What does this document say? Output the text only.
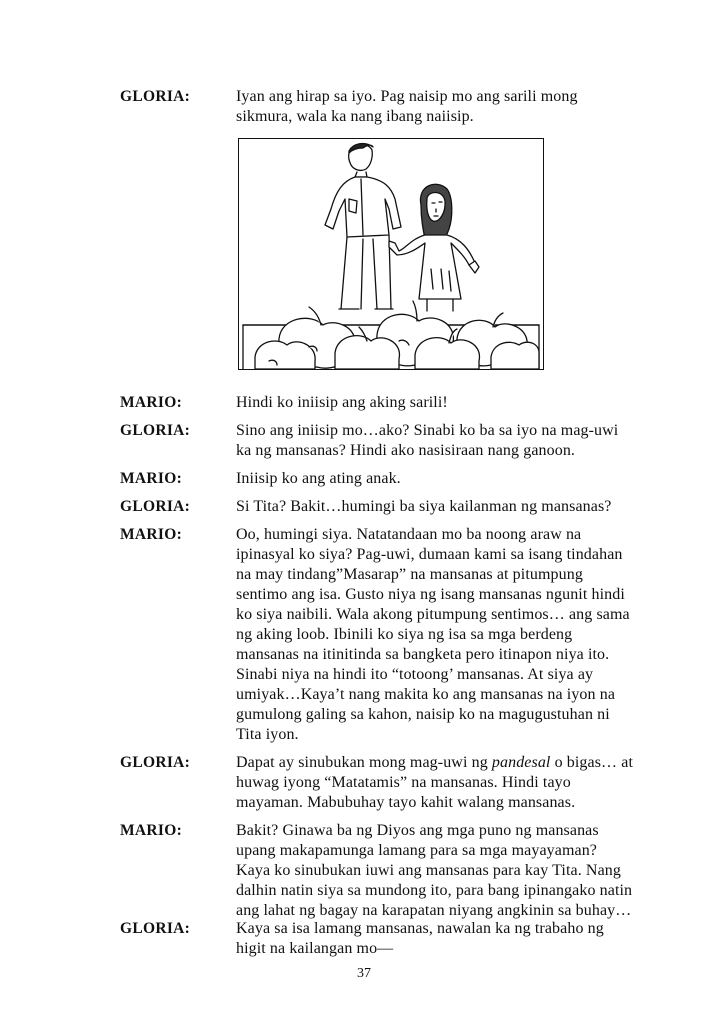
GLORIA:	Iyan ang hirap sa iyo. Pag naisip mo ang sarili mong
sikmura, wala ka nang ibang naiisip.
MARIO:	Hindi ko iniisip ang aking sarili!
GLORIA:	Sino ang iniisip mo…ako? Sinabi ko ba sa iyo na mag-uwi
ka ng mansanas? Hindi ako nasisiraan nang ganoon.
MARIO:	Iniisip ko ang ating anak.
GLORIA:	Si Tita? Bakit…humingi ba siya kailanman ng mansanas?
MARIO:	Oo, humingi siya. Natatandaan mo ba noong araw na
ipinasyal ko siya? Pag-uwi, dumaan kami sa isang tindahan
na may tindang”Masarap” na mansanas at pitumpung
sentimo ang isa. Gusto niya ng isang mansanas ngunit hindi
ko siya naibili. Wala akong pitumpung sentimos… ang sama
ng aking loob. Ibinili ko siya ng isa sa mga berdeng
mansanas na itinitinda sa bangketa pero itinapon niya ito.
Sinabi niya na hindi ito “totoong’ mansanas. At siya ay
umiyak…Kaya’t nang makita ko ang mansanas na iyon na
gumulong galing sa kahon, naisip ko na magugustuhan ni
Tita iyon.
GLORIA:	Dapat ay sinubukan mong mag-uwi ng pandesal o bigas… at
huwag iyong “Matatamis” na mansanas. Hindi tayo
mayaman. Mabubuhay tayo kahit walang mansanas.
MARIO:	Bakit? Ginawa ba ng Diyos ang mga puno ng mansanas
upang makapamunga lamang para sa mga mayayaman?
Kaya ko sinubukan iuwi ang mansanas para kay Tita. Nang
dalhin natin siya sa mundong ito, para bang ipinangako natin
ang lahat ng bagay na karapatan niyang angkinin sa buhay…
GLORIA:	Kaya sa isa lamang mansanas, nawalan ka ng trabaho ng
higit na kailangan mo—
37
